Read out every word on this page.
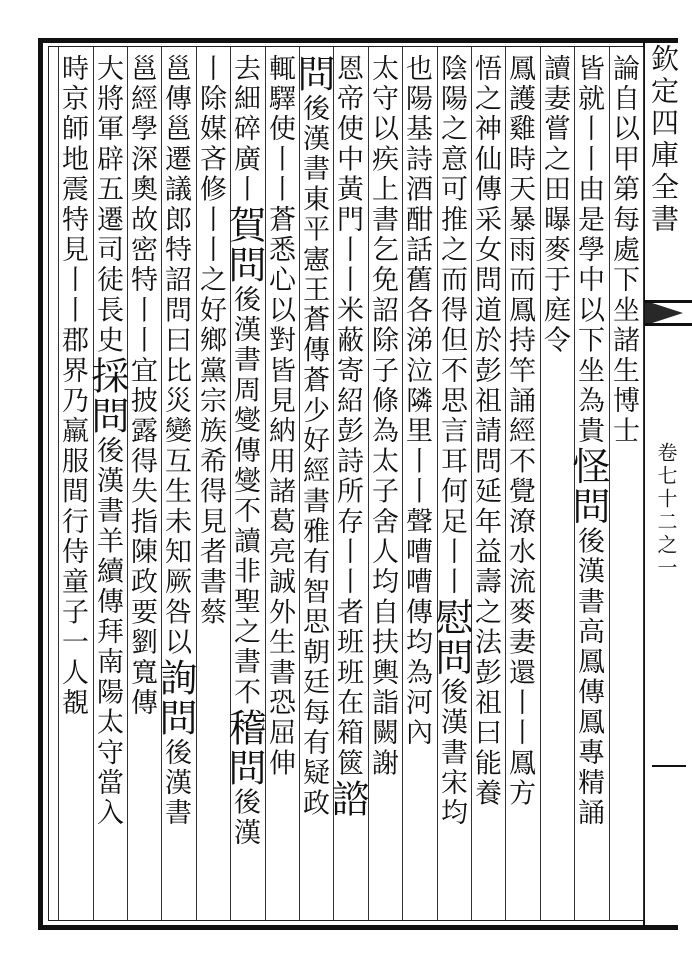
欽定四庫全書
卷七十二之一
論自以甲第每處下坐諸生博士
皆就丨丨由是學中以下坐為貴怪問後漢書高鳳傳鳳專精誦
讀妻嘗之田曝麥于庭令
鳳護雞時天暴雨而鳳持竿誦經不覺潦水流麥妻還丨丨鳳方
悟之神仙傳采女問道於彭祖請問延年益壽之法彭祖曰能養
陰陽之意可推之而得但不思言耳何足丨丨慰問後漢書宋均
也陽基詩酒酣話舊各涕泣隣里丨丨聲嘈嘈傳均為河內
太守以疾上書乞免詔除子條為太子舍人均自扶輿詣闕謝
恩帝使中黃門丨丨米蔽寄紹彭詩所存丨丨者班班在箱篋諮
問後漢書東平憲王蒼傳蒼少好經書雅有智思朝廷每有疑政
輒驛使丨丨蒼悉心以對皆見納用諸葛亮誠外生書恐屈伸
去細碎廣丨賀問後漢書周燮傳燮不讀非聖之書不稽問後漢
丨除媒吝修丨丨之好鄉黨宗族希得見者書蔡
邕傳邕遷議郎特詔問曰比災變互生未知厥咎以詢問後漢書
邕經學深奧故密特丨丨宜披露得失指陳政要劉寬傳
大將軍辟五遷司徒長史採問後漢書羊續傳拜南陽太守當入
時京師地震特見丨丨郡界乃羸服間行侍童子一人覩
